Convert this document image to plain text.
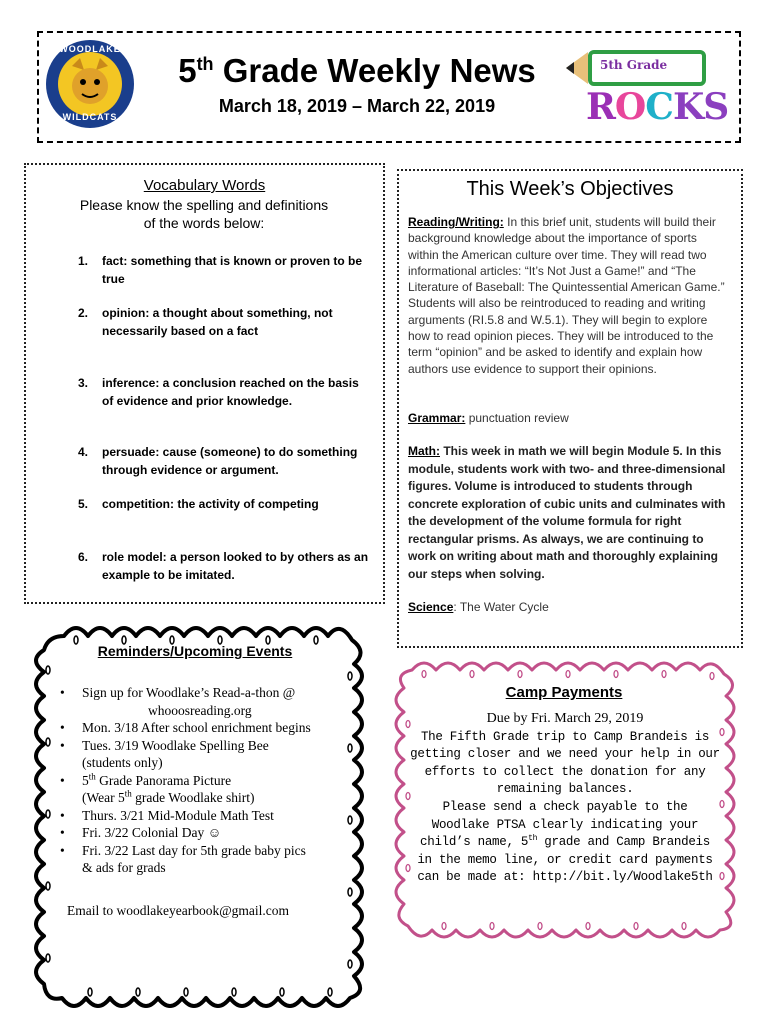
WOODLAKE
WILDCATS
5th Grade Weekly News
March 18, 2019 – March 22, 2019
5th Grade
ROCKS
Vocabulary Words
Please know the spelling and definitions
of the words below:
1. fact: something that is known or proven to be true
2. opinion: a thought about something, not necessarily based on a fact
3. inference: a conclusion reached on the basis of evidence and prior knowledge.
4. persuade: cause (someone) to do something through evidence or argument.
5. competition: the activity of competing
6. role model: a person looked to by others as an example to be imitated.
This Week’s Objectives
Reading/Writing: In this brief unit, students will build their background knowledge about the importance of sports within the American culture over time. They will read two informational articles: “It’s Not Just a Game!” and “The Literature of Baseball: The Quintessential American Game.” Students will also be reintroduced to reading and writing arguments (RI.5.8 and W.5.1). They will begin to explore how to read opinion pieces. They will be introduced to the term “opinion” and be asked to identify and explain how authors use evidence to support their opinions.
Grammar: punctuation review
Math: This week in math we will begin Module 5. In this module, students work with two- and three-dimensional figures. Volume is introduced to students through concrete exploration of cubic units and culminates with the development of the volume formula for right rectangular prisms. As always, we are continuing to work on writing about math and thoroughly explaining our steps when solving.
Science: The Water Cycle
Reminders/Upcoming Events
• Sign up for Woodlake’s Read-a-thon @
whooosreading.org
• Mon. 3/18 After school enrichment begins
• Tues. 3/19 Woodlake Spelling Bee
(students only)
• 5th Grade Panorama Picture
(Wear 5th grade Woodlake shirt)
• Thurs. 3/21 Mid-Module Math Test
• Fri. 3/22 Colonial Day ☺
• Fri. 3/22 Last day for 5th grade baby pics
& ads for grads
Email to woodlakeyearbook@gmail.com
Camp Payments
Due by Fri. March 29, 2019
The Fifth Grade trip to Camp Brandeis is
getting closer and we need your help in our
efforts to collect the donation for any
remaining balances.
Please send a check payable to the
Woodlake PTSA clearly indicating your
child’s name, 5th grade and Camp Brandeis
in the memo line, or credit card payments
can be made at: http://bit.ly/Woodlake5th
